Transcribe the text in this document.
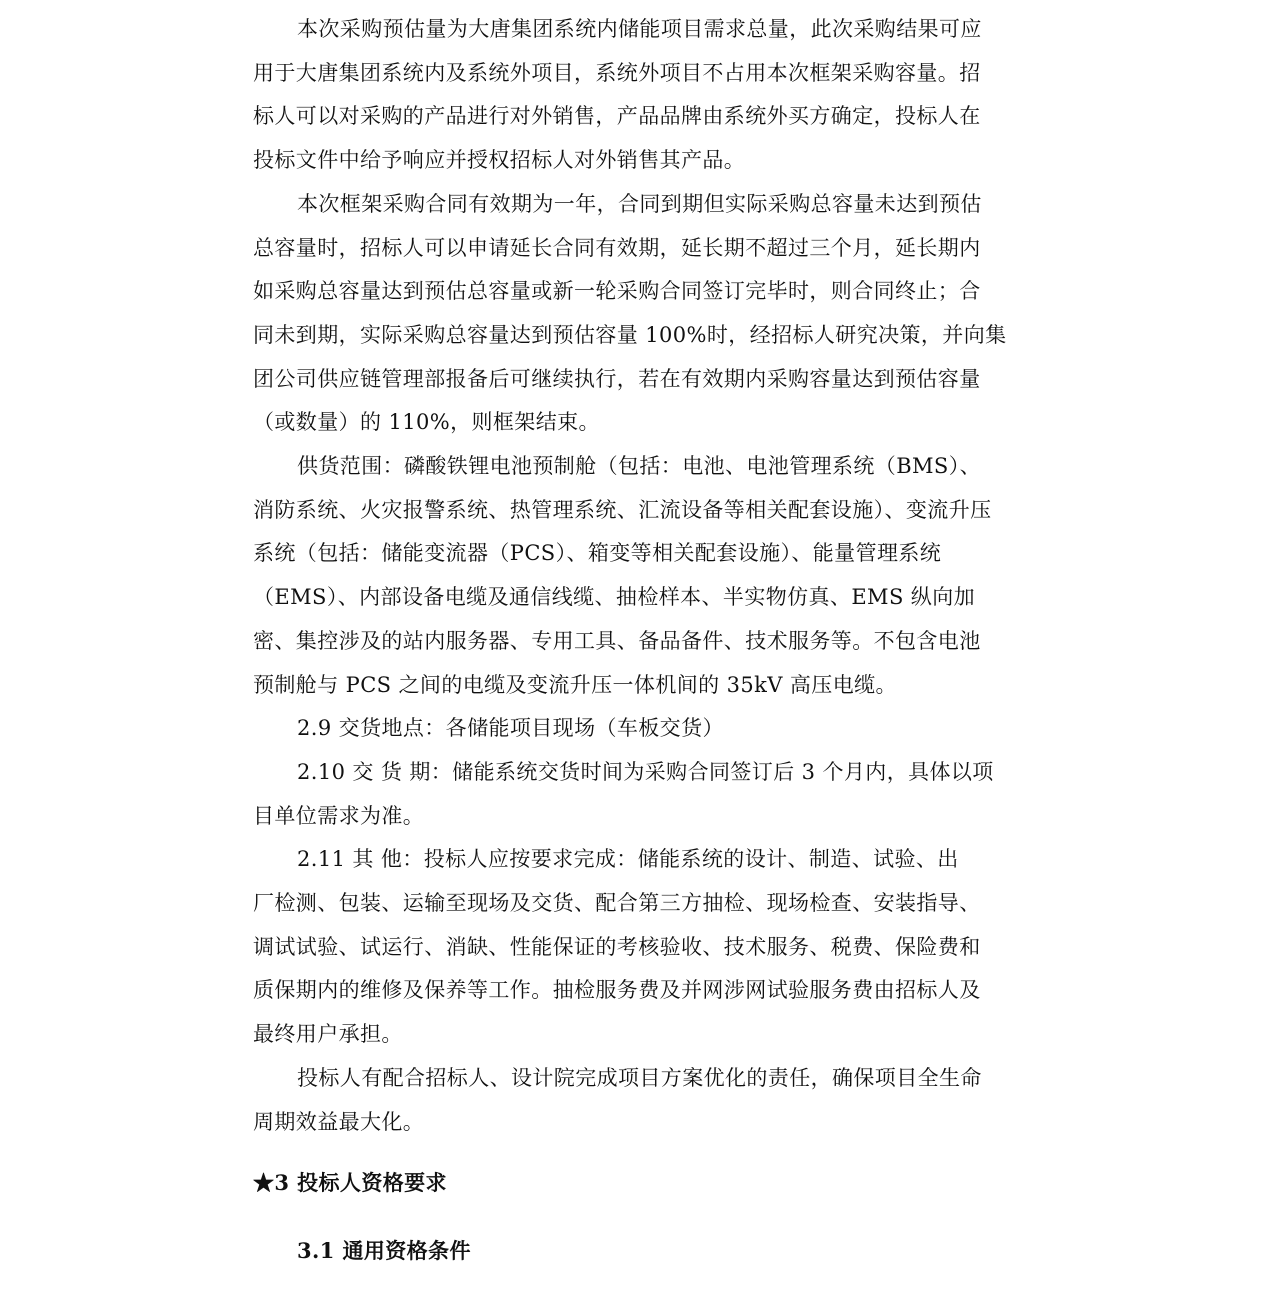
本次采购预估量为大唐集团系统内储能项目需求总量，此次采购结果可应

用于大唐集团系统内及系统外项目，系统外项目不占用本次框架采购容量。招

标人可以对采购的产品进行对外销售，产品品牌由系统外买方确定，投标人在

投标文件中给予响应并授权招标人对外销售其产品。

本次框架采购合同有效期为一年，合同到期但实际采购总容量未达到预估

总容量时，招标人可以申请延长合同有效期，延长期不超过三个月，延长期内

如采购总容量达到预估总容量或新一轮采购合同签订完毕时，则合同终止；合

同未到期，实际采购总容量达到预估容量 100%时，经招标人研究决策，并向集

团公司供应链管理部报备后可继续执行，若在有效期内采购容量达到预估容量

（或数量）的 110%，则框架结束。

供货范围：磷酸铁锂电池预制舱（包括：电池、电池管理系统（BMS）、

消防系统、火灾报警系统、热管理系统、汇流设备等相关配套设施）、变流升压

系统（包括：储能变流器（PCS）、箱变等相关配套设施）、能量管理系统

（EMS）、内部设备电缆及通信线缆、抽检样本、半实物仿真、EMS 纵向加

密、集控涉及的站内服务器、专用工具、备品备件、技术服务等。不包含电池

预制舱与 PCS 之间的电缆及变流升压一体机间的 35kV 高压电缆。

2.9 交货地点：各储能项目现场（车板交货）

2.10 交 货 期：储能系统交货时间为采购合同签订后 3 个月内，具体以项

目单位需求为准。

2.11 其 他：投标人应按要求完成：储能系统的设计、制造、试验、出

厂检测、包装、运输至现场及交货、配合第三方抽检、现场检查、安装指导、

调试试验、试运行、消缺、性能保证的考核验收、技术服务、税费、保险费和

质保期内的维修及保养等工作。抽检服务费及并网涉网试验服务费由招标人及

最终用户承担。

投标人有配合招标人、设计院完成项目方案优化的责任，确保项目全生命

周期效益最大化。

★3 投标人资格要求
3.1 通用资格条件
